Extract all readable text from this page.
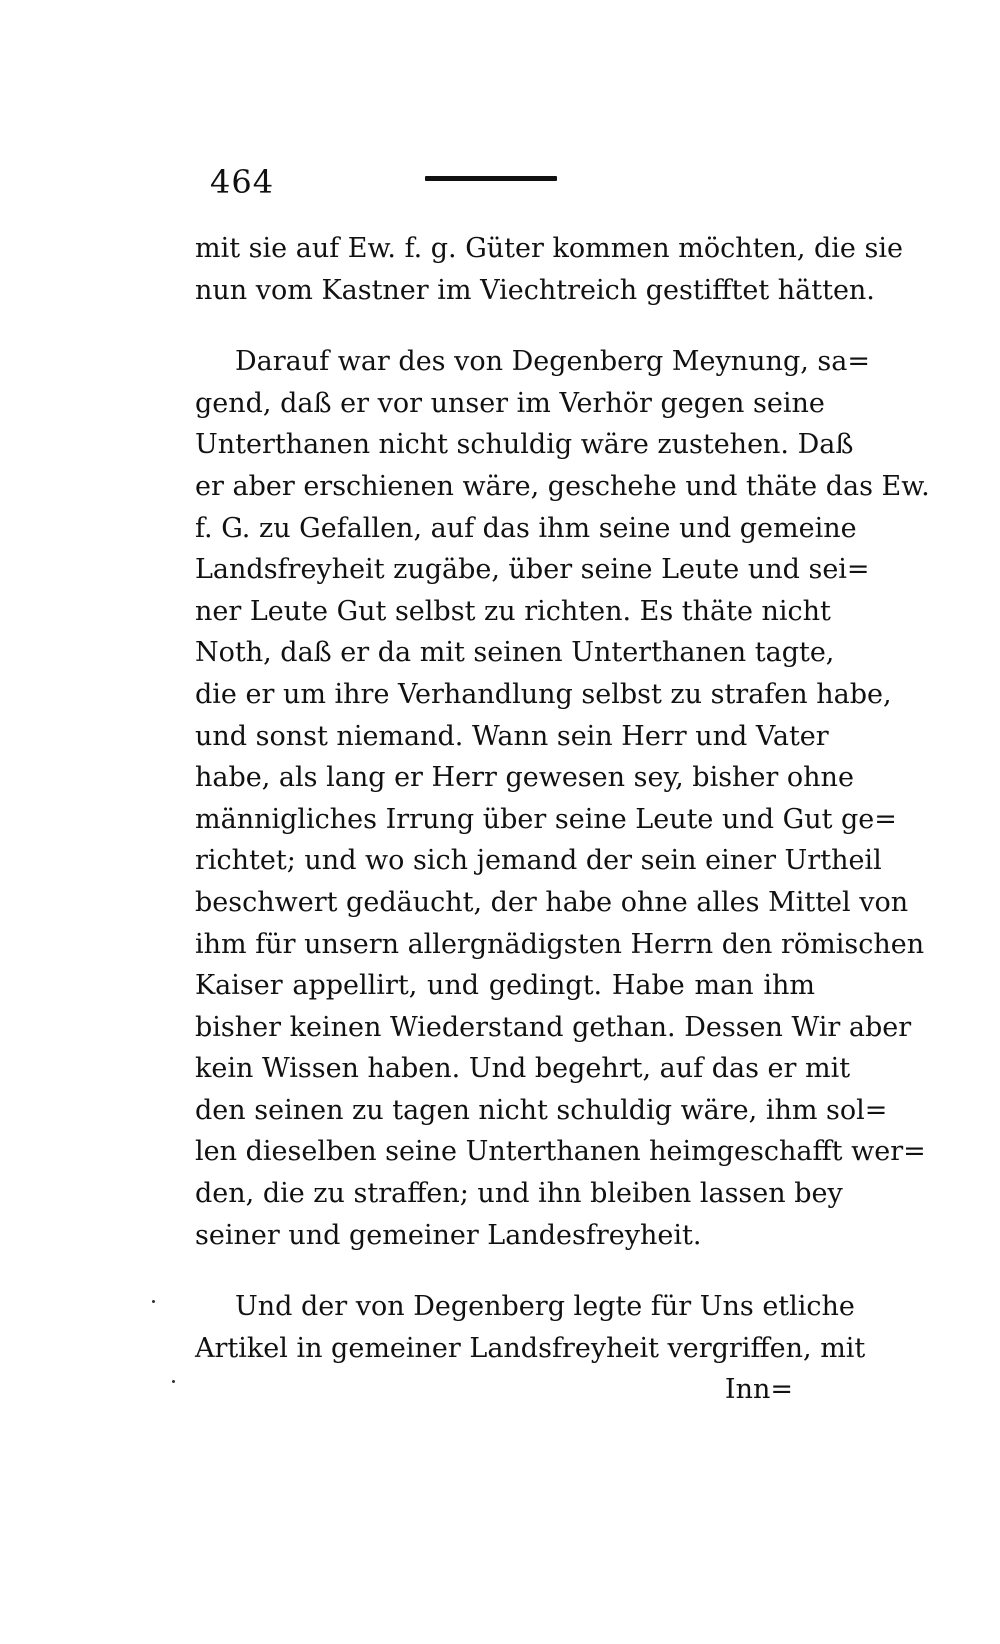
464
mit sie auf Ew. f. g. Güter kommen möchten, die sie
nun vom Kastner im Viechtreich gestifftet hätten.
Darauf war des von Degenberg Meynung, sa=
gend, daß er vor unser im Verhör gegen seine
Unterthanen nicht schuldig wäre zustehen. Daß
er aber erschienen wäre, geschehe und thäte das Ew.
f. G. zu Gefallen, auf das ihm seine und gemeine
Landsfreyheit zugäbe, über seine Leute und sei=
ner Leute Gut selbst zu richten. Es thäte nicht
Noth, daß er da mit seinen Unterthanen tagte,
die er um ihre Verhandlung selbst zu strafen habe,
und sonst niemand. Wann sein Herr und Vater
habe, als lang er Herr gewesen sey, bisher ohne
männigliches Irrung über seine Leute und Gut ge=
richtet; und wo sich jemand der sein einer Urtheil
beschwert gedäucht, der habe ohne alles Mittel von
ihm für unsern allergnädigsten Herrn den römischen
Kaiser appellirt, und gedingt. Habe man ihm
bisher keinen Wiederstand gethan. Dessen Wir aber
kein Wissen haben. Und begehrt, auf das er mit
den seinen zu tagen nicht schuldig wäre, ihm sol=
len dieselben seine Unterthanen heimgeschafft wer=
den, die zu straffen; und ihn bleiben lassen bey
seiner und gemeiner Landesfreyheit.
Und der von Degenberg legte für Uns etliche
Artikel in gemeiner Landsfreyheit vergriffen, mit
Inn=
